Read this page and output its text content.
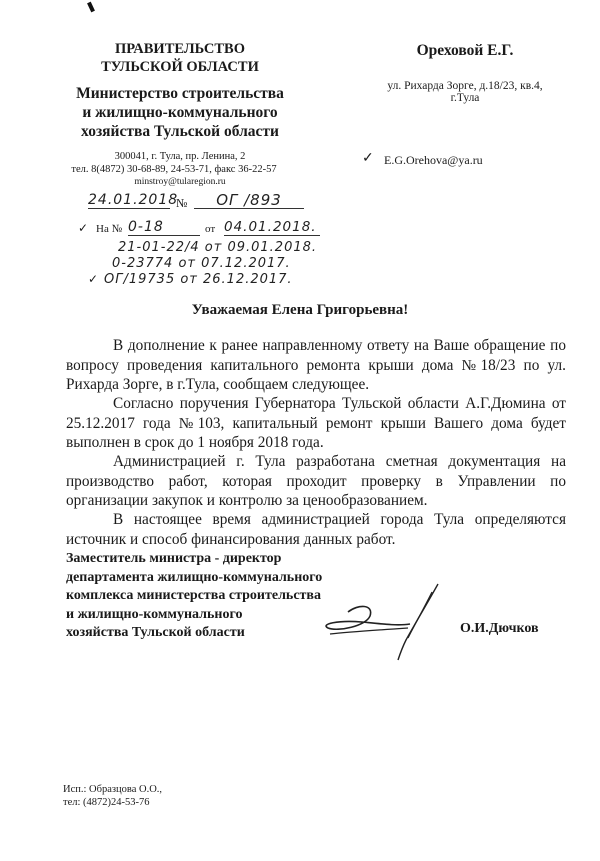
ПРАВИТЕЛЬСТВО
ТУЛЬСКОЙ ОБЛАСТИ
Министерство строительства
и жилищно-коммунального
хозяйства Тульской области
300041, г. Тула, пр. Ленина, 2
тел. 8(4872) 30-68-89, 24-53-71, факс 36-22-57
minstroy@tularegion.ru
24.01.2018
№	ОГ /893
✓ На № 0-18	от 04.01.2018.
21-01-22/4 от 09.01.2018.
0-23774 от 07.12.2017.
✓ ОГ/19735 от 26.12.2017.
Ореховой Е.Г.
ул. Рихарда Зорге, д.18/23, кв.4,
г.Тула
✓ E.G.Orehova@ya.ru
Уважаемая Елена Григорьевна!
В дополнение к ранее направленному ответу на Ваше обращение по вопросу проведения капитального ремонта крыши дома №18/23 по ул. Рихарда Зорге, в г.Тула, сообщаем следующее.
Согласно поручения Губернатора Тульской области А.Г.Дюмина от 25.12.2017 года №103, капитальный ремонт крыши Вашего дома будет выполнен в срок до 1 ноября 2018 года.
Администрацией г. Тула разработана сметная документация на производство работ, которая проходит проверку в Управлении по организации закупок и контролю за ценообразованием.
В настоящее время администрацией города Тула определяются источник и способ финансирования данных работ.
Заместитель министра - директор
департамента жилищно-коммунального
комплекса министерства строительства
и жилищно-коммунального
хозяйства Тульской области	О.И.Дючков
Исп.: Образцова О.О.,
тел: (4872)24-53-76
